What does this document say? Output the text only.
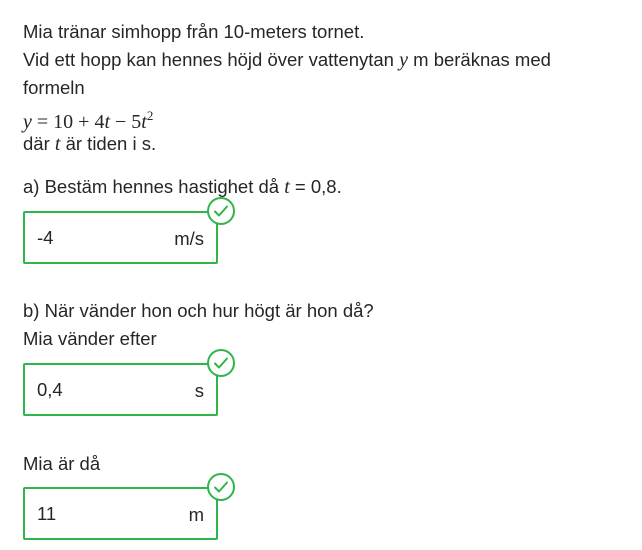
Mia tränar simhopp från 10-meters tornet.
Vid ett hopp kan hennes höjd över vattenytan y m beräknas med
formeln
$y = 10 + 4t - 5t^2$
där t är tiden i s.
a) Bestäm hennes hastighet då t = 0,8.
-4	m/s
b) När vänder hon och hur högt är hon då?
Mia vänder efter
0,4	s
Mia är då
11	m
